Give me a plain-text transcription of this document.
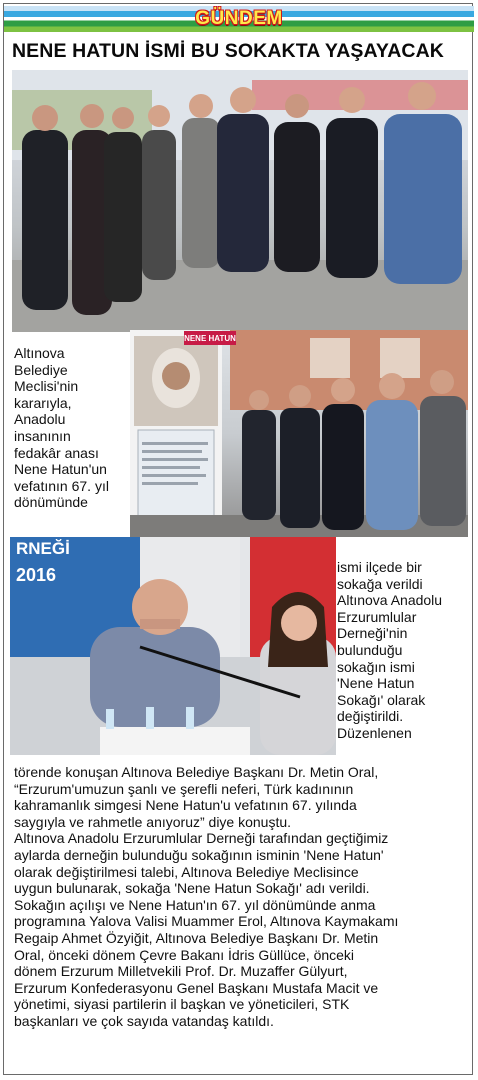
GÜNDEM
NENE HATUN İSMİ BU SOKAKTA YAŞAYACAK

Altınova

Belediye

Meclisi'nin

kararıyla,

Anadolu

insanının

fedakâr anası

Nene Hatun'un

vefatının 67. yıl

dönümünde

NENE HATUN
RNEĞİ
2016	ismi ilçede bir

sokağa verildi

Altınova Anadolu

Erzurumlular

Derneği'nin

bulunduğu

sokağın ismi

'Nene Hatun

Sokağı' olarak

değiştirildi.

Düzenlenen

törende konuşan Altınova Belediye Başkanı Dr. Metin Oral,

“Erzurum'umuzun şanlı ve şerefli neferi, Türk kadınının

kahramanlık simgesi Nene Hatun'u vefatının 67. yılında

saygıyla ve rahmetle anıyoruz” diye konuştu.

Altınova Anadolu Erzurumlular Derneği tarafından geçtiğimiz

aylarda derneğin bulunduğu sokağının isminin 'Nene Hatun'

olarak değiştirilmesi talebi, Altınova Belediye Meclisince

uygun bulunarak, sokağa 'Nene Hatun Sokağı' adı verildi.

Sokağın açılışı ve Nene Hatun'ın 67. yıl dönümünde anma

programına Yalova Valisi Muammer Erol, Altınova Kaymakamı

Regaip Ahmet Özyiğit, Altınova Belediye Başkanı Dr. Metin

Oral, önceki dönem Çevre Bakanı İdris Güllüce, önceki

dönem Erzurum Milletvekili Prof. Dr. Muzaffer Gülyurt,

Erzurum Konfederasyonu Genel Başkanı Mustafa Macit ve

yönetimi, siyasi partilerin il başkan ve yöneticileri, STK

başkanları ve çok sayıda vatandaş katıldı.
